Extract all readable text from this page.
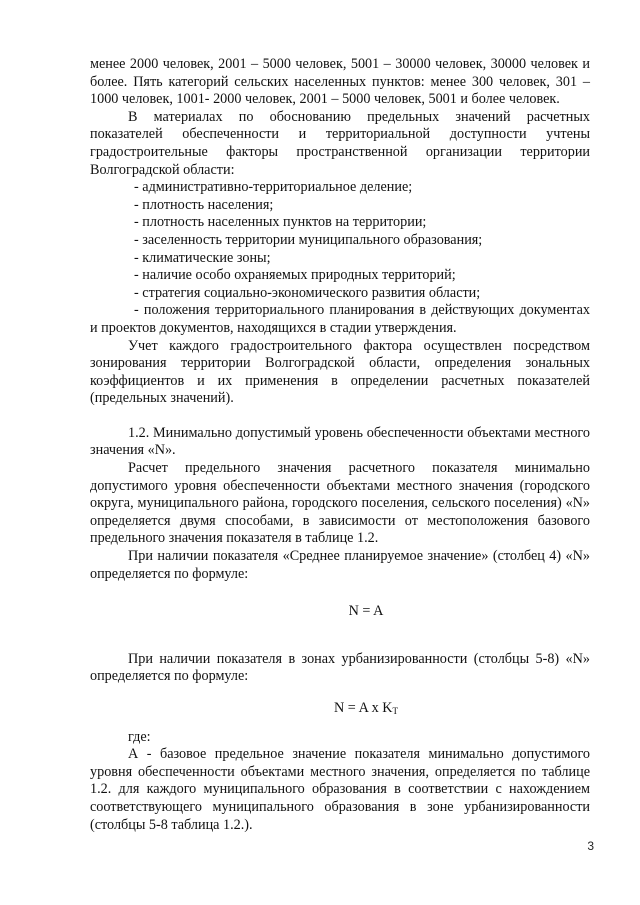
менее 2000 человек, 2001 – 5000 человек, 5001 – 30000 человек, 30000 человек и более. Пять категорий сельских населенных пунктов: менее 300 человек, 301 – 1000 человек, 1001- 2000 человек, 2001 – 5000 человек, 5001 и более человек.

В материалах по обоснованию предельных значений расчетных показателей обеспеченности и территориальной доступности учтены градостроительные факторы пространственной организации территории Волгоградской области:

- административно-территориальное деление;
- плотность населения;
- плотность населенных пунктов на территории;
- заселенность территории муниципального образования;
- климатические зоны;
- наличие особо охраняемых природных территорий;
- стратегия социально-экономического развития области;
- положения территориального планирования в действующих документах и проектов документов, находящихся в стадии утверждения.

Учет каждого градостроительного фактора осуществлен посредством зонирования территории Волгоградской области, определения зональных коэффициентов и их применения в определении расчетных показателей (предельных значений).

1.2. Минимально допустимый уровень обеспеченности объектами местного значения «N».

Расчет предельного значения расчетного показателя минимально допустимого уровня обеспеченности объектами местного значения (городского округа, муниципального района, городского поселения, сельского поселения) «N» определяется двумя способами, в зависимости от местоположения базового предельного значения показателя в таблице 1.2.

При наличии показателя «Среднее планируемое значение» (столбец 4) «N» определяется по формуле:

N = A

При наличии показателя в зонах урбанизированности (столбцы 5-8) «N» определяется по формуле:

N = A x $K_T$

где:

А - базовое предельное значение показателя минимально допустимого уровня обеспеченности объектами местного значения, определяется по таблице 1.2. для каждого муниципального образования в соответствии с нахождением соответствующего муниципального образования в зоне урбанизированности (столбцы 5-8 таблица 1.2.).

3
